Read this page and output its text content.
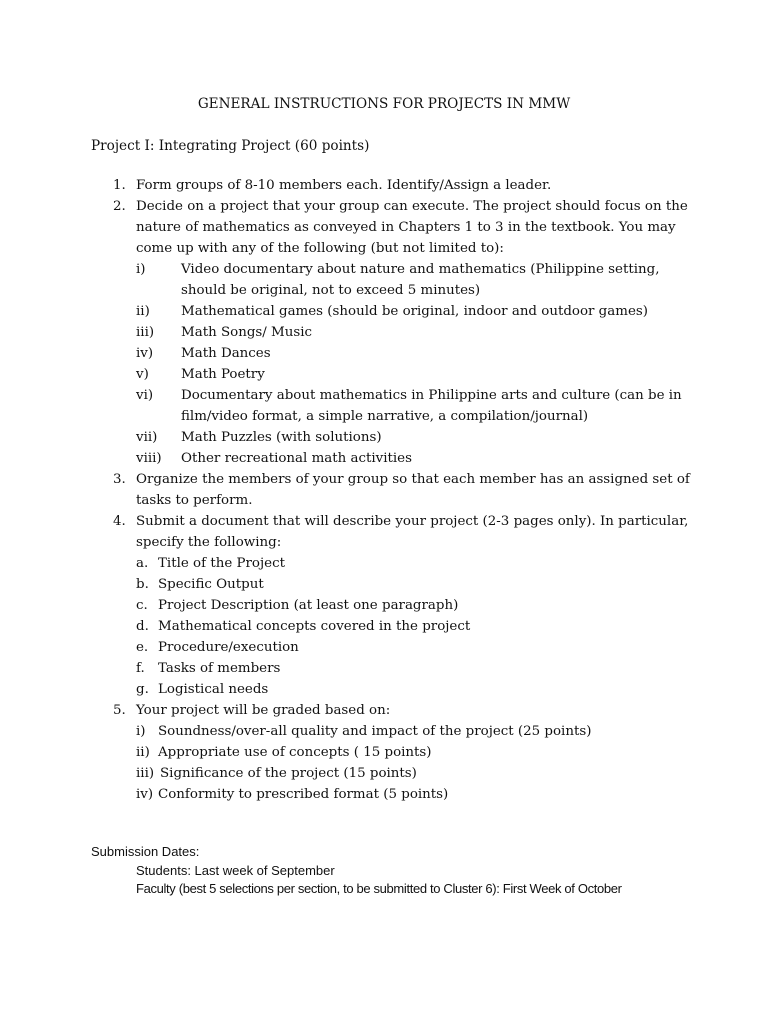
GENERAL INSTRUCTIONS FOR PROJECTS IN MMW
Project I: Integrating Project (60 points)
1. Form groups of 8-10 members each. Identify/Assign a leader.
2. Decide on a project that your group can execute. The project should focus on the
nature of mathematics as conveyed in Chapters 1 to 3 in the textbook. You may
come up with any of the following (but not limited to):
i)	Video documentary about nature and mathematics (Philippine setting,
should be original, not to exceed 5 minutes)
ii) Mathematical games (should be original, indoor and outdoor games)
iii) Math Songs/ Music
iv) Math Dances
v) Math Poetry
vi) Documentary about mathematics in Philippine arts and culture (can be in
film/video format, a simple narrative, a compilation/journal)
vii) Math Puzzles (with solutions)
viii) Other recreational math activities
3. Organize the members of your group so that each member has an assigned set of
tasks to perform.
4. Submit a document that will describe your project (2-3 pages only). In particular,
specify the following:
a. Title of the Project
b. Specific Output
c. Project Description (at least one paragraph)
d. Mathematical concepts covered in the project
e. Procedure/execution
f. Tasks of members
g. Logistical needs
5. Your project will be graded based on:
i) Soundness/over-all quality and impact of the project (25 points)
ii) Appropriate use of concepts ( 15 points)
iii) Significance of the project (15 points)
iv) Conformity to prescribed format (5 points)
Submission Dates:
Students: Last week of September
Faculty (best 5 selections per section, to be submitted to Cluster 6): First Week of October
